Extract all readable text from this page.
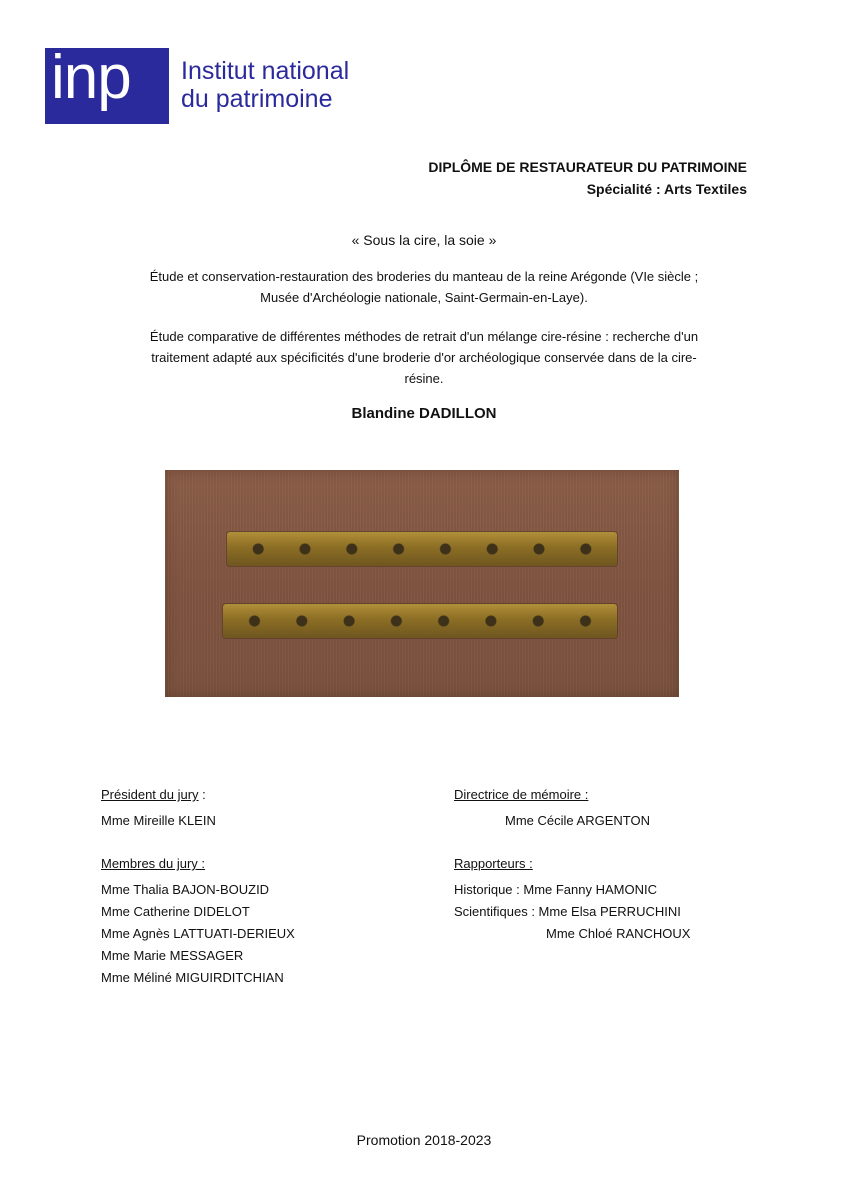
inp Institut national
du patrimoine
DIPLÔME DE RESTAURATEUR DU PATRIMOINE
Spécialité : Arts Textiles
« Sous la cire, la soie »
Étude et conservation-restauration des broderies du manteau de la reine Arégonde (VIe siècle ;
Musée d'Archéologie nationale, Saint-Germain-en-Laye).
Étude comparative de différentes méthodes de retrait d'un mélange cire-résine : recherche d'un
traitement adapté aux spécificités d'une broderie d'or archéologique conservée dans de la cire-
résine.
Blandine DADILLON
Président du jury :
Mme Mireille KLEIN
Directrice de mémoire :
Mme Cécile ARGENTON
Membres du jury :
Mme Thalia BAJON-BOUZID
Mme Catherine DIDELOT
Mme Agnès LATTUATI-DERIEUX
Mme Marie MESSAGER
Mme Méliné MIGUIRDITCHIAN
Rapporteurs :
Historique : Mme Fanny HAMONIC
Scientifiques : Mme Elsa PERRUCHINI
Mme Chloé RANCHOUX
Promotion 2018-2023
